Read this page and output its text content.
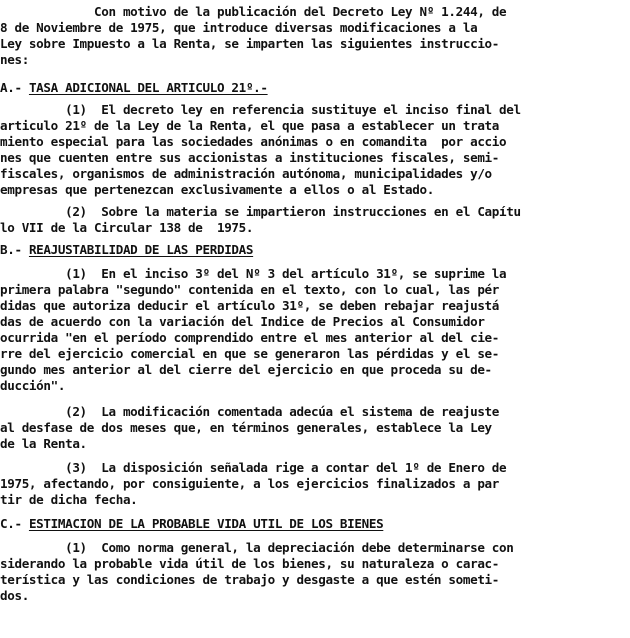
Con motivo de la publicación del Decreto Ley Nº 1.244, de
8 de Noviembre de 1975, que introduce diversas modificaciones a la
Ley sobre Impuesto a la Renta, se imparten las siguientes instruccio-
nes:
A.- TASA ADICIONAL DEL ARTICULO 21º.-
(1)  El decreto ley en referencia sustituye el inciso final del
articulo 21º de la Ley de la Renta, el que pasa a establecer un trata
miento especial para las sociedades anónimas o en comandita  por accio
nes que cuenten entre sus accionistas a instituciones fiscales, semi-
fiscales, organismos de administración autónoma, municipalidades y/o
empresas que pertenezcan exclusivamente a ellos o al Estado.
(2)  Sobre la materia se impartieron instrucciones en el Capítu
lo VII de la Circular 138 de  1975.
B.- REAJUSTABILIDAD DE LAS PERDIDAS
(1)  En el inciso 3º del Nº 3 del artículo 31º, se suprime la
primera palabra "segundo" contenida en el texto, con lo cual, las pér
didas que autoriza deducir el artículo 31º, se deben rebajar reajustá
das de acuerdo con la variación del Indice de Precios al Consumidor
ocurrida "en el período comprendido entre el mes anterior al del cie-
rre del ejercicio comercial en que se generaron las pérdidas y el se-
gundo mes anterior al del cierre del ejercicio en que proceda su de-
ducción".
(2)  La modificación comentada adecúa el sistema de reajuste
al desfase de dos meses que, en términos generales, establece la Ley
de la Renta.
(3)  La disposición señalada rige a contar del 1º de Enero de
1975, afectando, por consiguiente, a los ejercicios finalizados a par
tir de dicha fecha.
C.- ESTIMACION DE LA PROBABLE VIDA UTIL DE LOS BIENES
(1)  Como norma general, la depreciación debe determinarse con
siderando la probable vida útil de los bienes, su naturaleza o carac-
terística y las condiciones de trabajo y desgaste a que estén someti-
dos.
